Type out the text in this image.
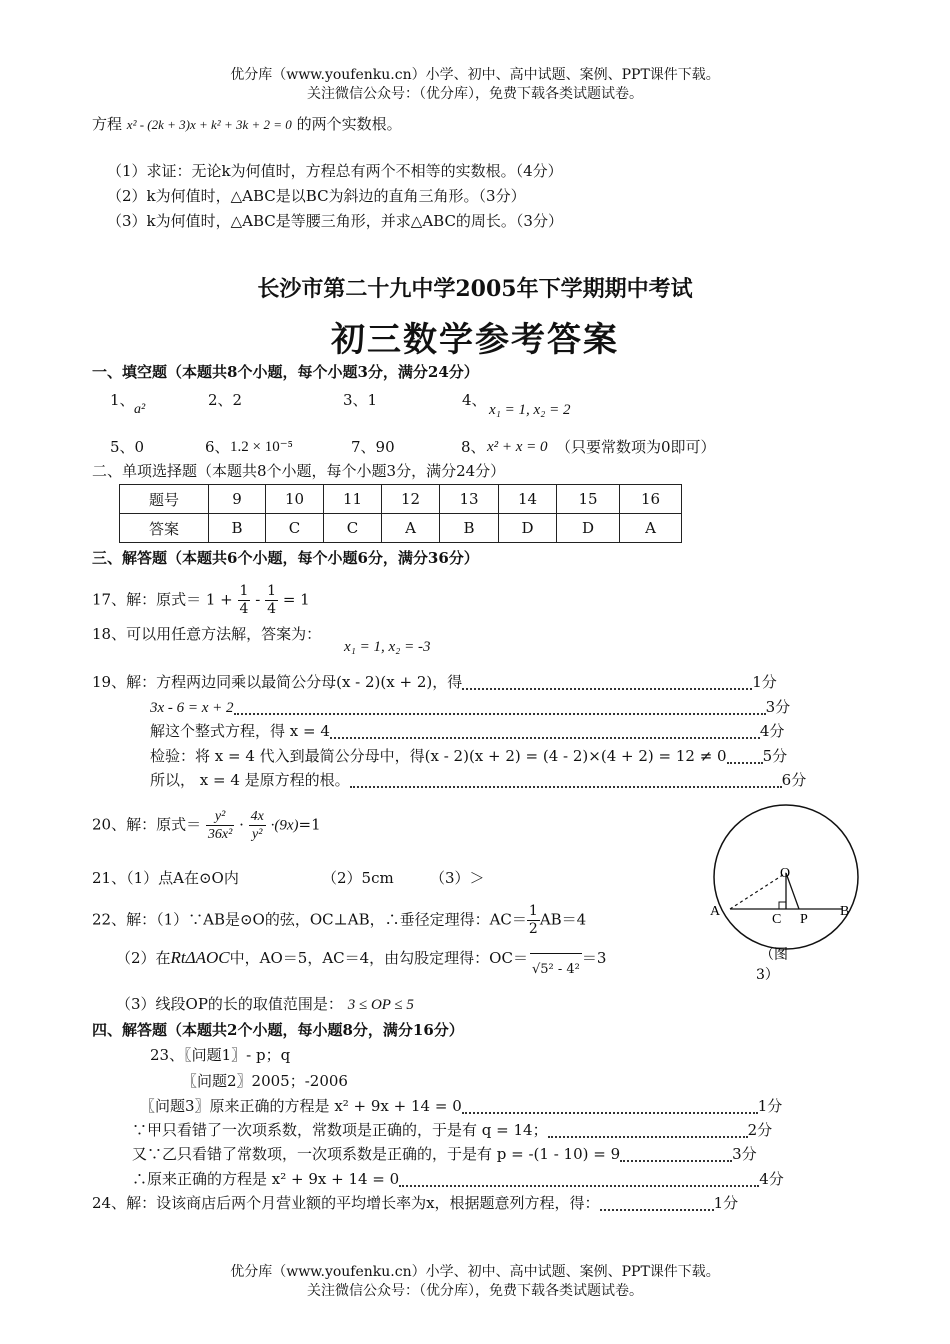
优分库（www.youfenku.cn）小学、初中、高中试题、案例、PPT课件下载。
关注微信公众号：（优分库），免费下载各类试题试卷。
方程 x² - (2k + 3)x + k² + 3k + 2 = 0 的两个实数根。
（1）求证：无论k为何值时，方程总有两个不相等的实数根。（4分）
（2）k为何值时，△ABC是以BC为斜边的直角三角形。（3分）
（3）k为何值时，△ABC是等腰三角形，并求△ABC的周长。（3分）
长沙市第二十九中学2005年下学期期中考试
初三数学参考答案
一、填空题（本题共8个小题，每个小题3分，满分24分）
1、
a²
2、2	3、1	4、
x₁ = 1, x₂ = 2
5、0	6、 1.2 × 10⁻⁵	7、90	8、 x² + x = 0 （只要常数项为0即可）
二、单项选择题（本题共8个小题，每个小题3分，满分24分）
题号	9	10	11	12	13	14	15	16
答案	B	C	C	A	B	D	D	A
三、解答题（本题共6个小题，每个小题6分，满分36分）
17、解：原式＝ $1 + \frac{1}{4} - \frac{1}{4} = 1$
18、可以用任意方法解，答案为：
x₁ = 1, x₂ = -3
19、解：方程两边同乘以最简公分母(x - 2)(x + 2)，得	1分
3x - 6 = x + 2	3分
解这个整式方程，得 x = 4	4分
检验：将 x = 4 代入到最简公分母中，得(x - 2)(x + 2) = (4 - 2)×(4 + 2) = 12 ≠ 0 5分
所以， x = 4 是原方程的根。	6分
20、解：原式＝ $\frac{\text{y²}}{\text{36x²}} \cdot \frac{4x}{\text{y²}} \cdot(9x)=1$
21、（1）点A在⊙O内	（2）5cm （3）＞
22、解：（1）∵AB是⊙O的弦，OC⊥AB，∴垂径定理得：$AC= \frac{1}{2} AB=4$
（2）在RtΔAOC中，AO＝5，AC＝4，由勾股定理得：OC＝√5² - 4²＝3
（3）线段OP的长的取值范围是： 3 ≤ OP ≤ 5
四、解答题（本题共2个小题，每小题8分，满分16分）
23、〖问题1〗- p；q
〖问题2〗2005；-2006
〖问题3〗原来正确的方程是 x² + 9x + 14 = 0	1分
∵甲只看错了一次项系数，常数项是正确的，于是有 q = 14；	2分
又∵乙只看错了常数项，一次项系数是正确的，于是有 p = -(1 - 10) = 9	3分
∴原来正确的方程是 x² + 9x + 14 = 0	4分
24、解：设该商店后两个月营业额的平均增长率为x，根据题意列方程，得：	1分
O
A
C P
B
（图
3）
优分库（www.youfenku.cn）小学、初中、高中试题、案例、PPT课件下载。
关注微信公众号：（优分库），免费下载各类试题试卷。
